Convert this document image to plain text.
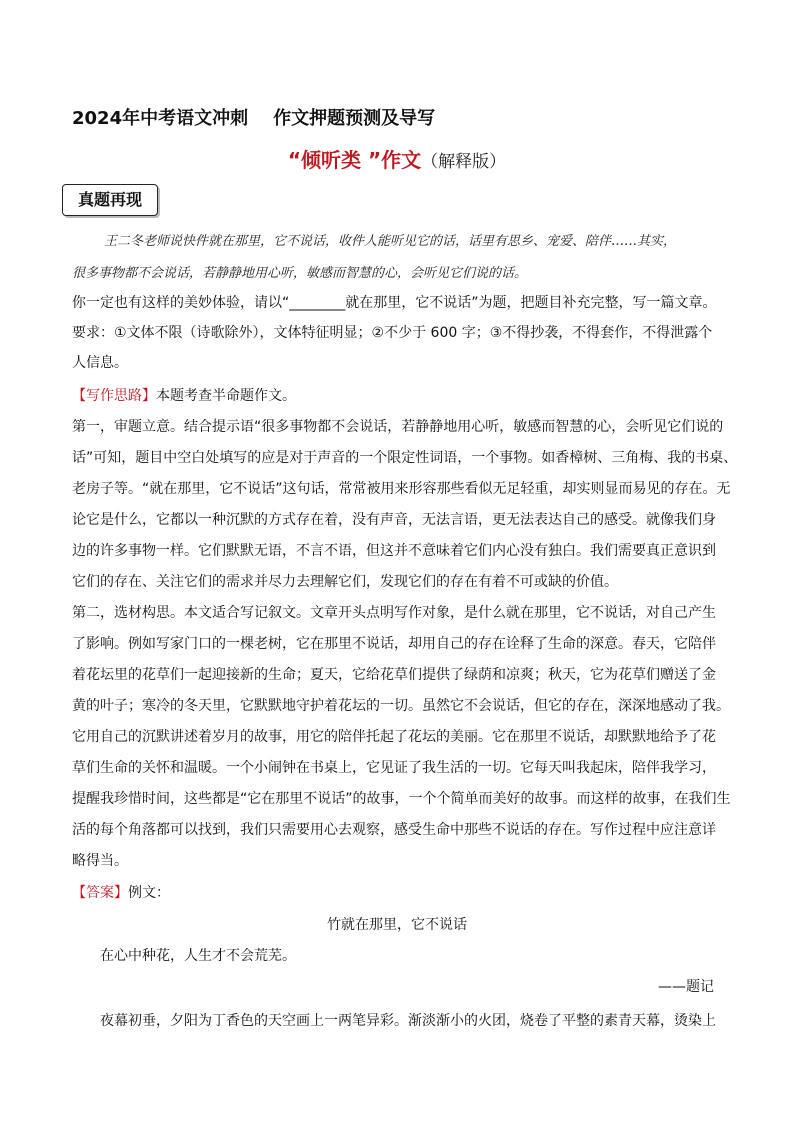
2024年中考语文冲刺    作文押题预测及导写
“倾听类 ”作文（解释版）
真题再现
王二冬老师说快件就在那里，它不说话，收件人能听见它的话，话里有思乡、宠爱、陪伴……其实，
很多事物都不会说话，若静静地用心听，敏感而智慧的心，会听见它们说的话。
你一定也有这样的美妙体验，请以“________就在那里，它不说话”为题，把题目补充完整，写一篇文章。
要求：①文体不限（诗歌除外），文体特征明显；②不少于 600 字；③不得抄袭，不得套作，不得泄露个
人信息。
【写作思路】本题考查半命题作文。
第一，审题立意。结合提示语“很多事物都不会说话，若静静地用心听，敏感而智慧的心，会听见它们说的
话”可知，题目中空白处填写的应是对于声音的一个限定性词语，一个事物。如香樟树、三角梅、我的书桌、
老房子等。“就在那里，它不说话”这句话，常常被用来形容那些看似无足轻重，却实则显而易见的存在。无
论它是什么，它都以一种沉默的方式存在着，没有声音，无法言语，更无法表达自己的感受。就像我们身
边的许多事物一样。它们默默无语，不言不语，但这并不意味着它们内心没有独白。我们需要真正意识到
它们的存在、关注它们的需求并尽力去理解它们，发现它们的存在有着不可或缺的价值。
第二，选材构思。本文适合写记叙文。文章开头点明写作对象，是什么就在那里，它不说话，对自己产生
了影响。例如写家门口的一棵老树，它在那里不说话，却用自己的存在诠释了生命的深意。春天，它陪伴
着花坛里的花草们一起迎接新的生命；夏天，它给花草们提供了绿荫和凉爽；秋天，它为花草们赠送了金
黄的叶子；寒冷的冬天里，它默默地守护着花坛的一切。虽然它不会说话，但它的存在，深深地感动了我。
它用自己的沉默讲述着岁月的故事，用它的陪伴托起了花坛的美丽。它在那里不说话，却默默地给予了花
草们生命的关怀和温暖。一个小闹钟在书桌上，它见证了我生活的一切。它每天叫我起床，陪伴我学习，
提醒我珍惜时间，这些都是“它在那里不说话”的故事，一个个简单而美好的故事。而这样的故事，在我们生
活的每个角落都可以找到，我们只需要用心去观察，感受生命中那些不说话的存在。写作过程中应注意详
略得当。
【答案】例文：
竹就在那里，它不说话
在心中种花，人生才不会荒芜。
——题记
夜幕初垂，夕阳为丁香色的天空画上一两笔异彩。渐淡渐小的火团，烧卷了平整的素青天幕，烫染上
